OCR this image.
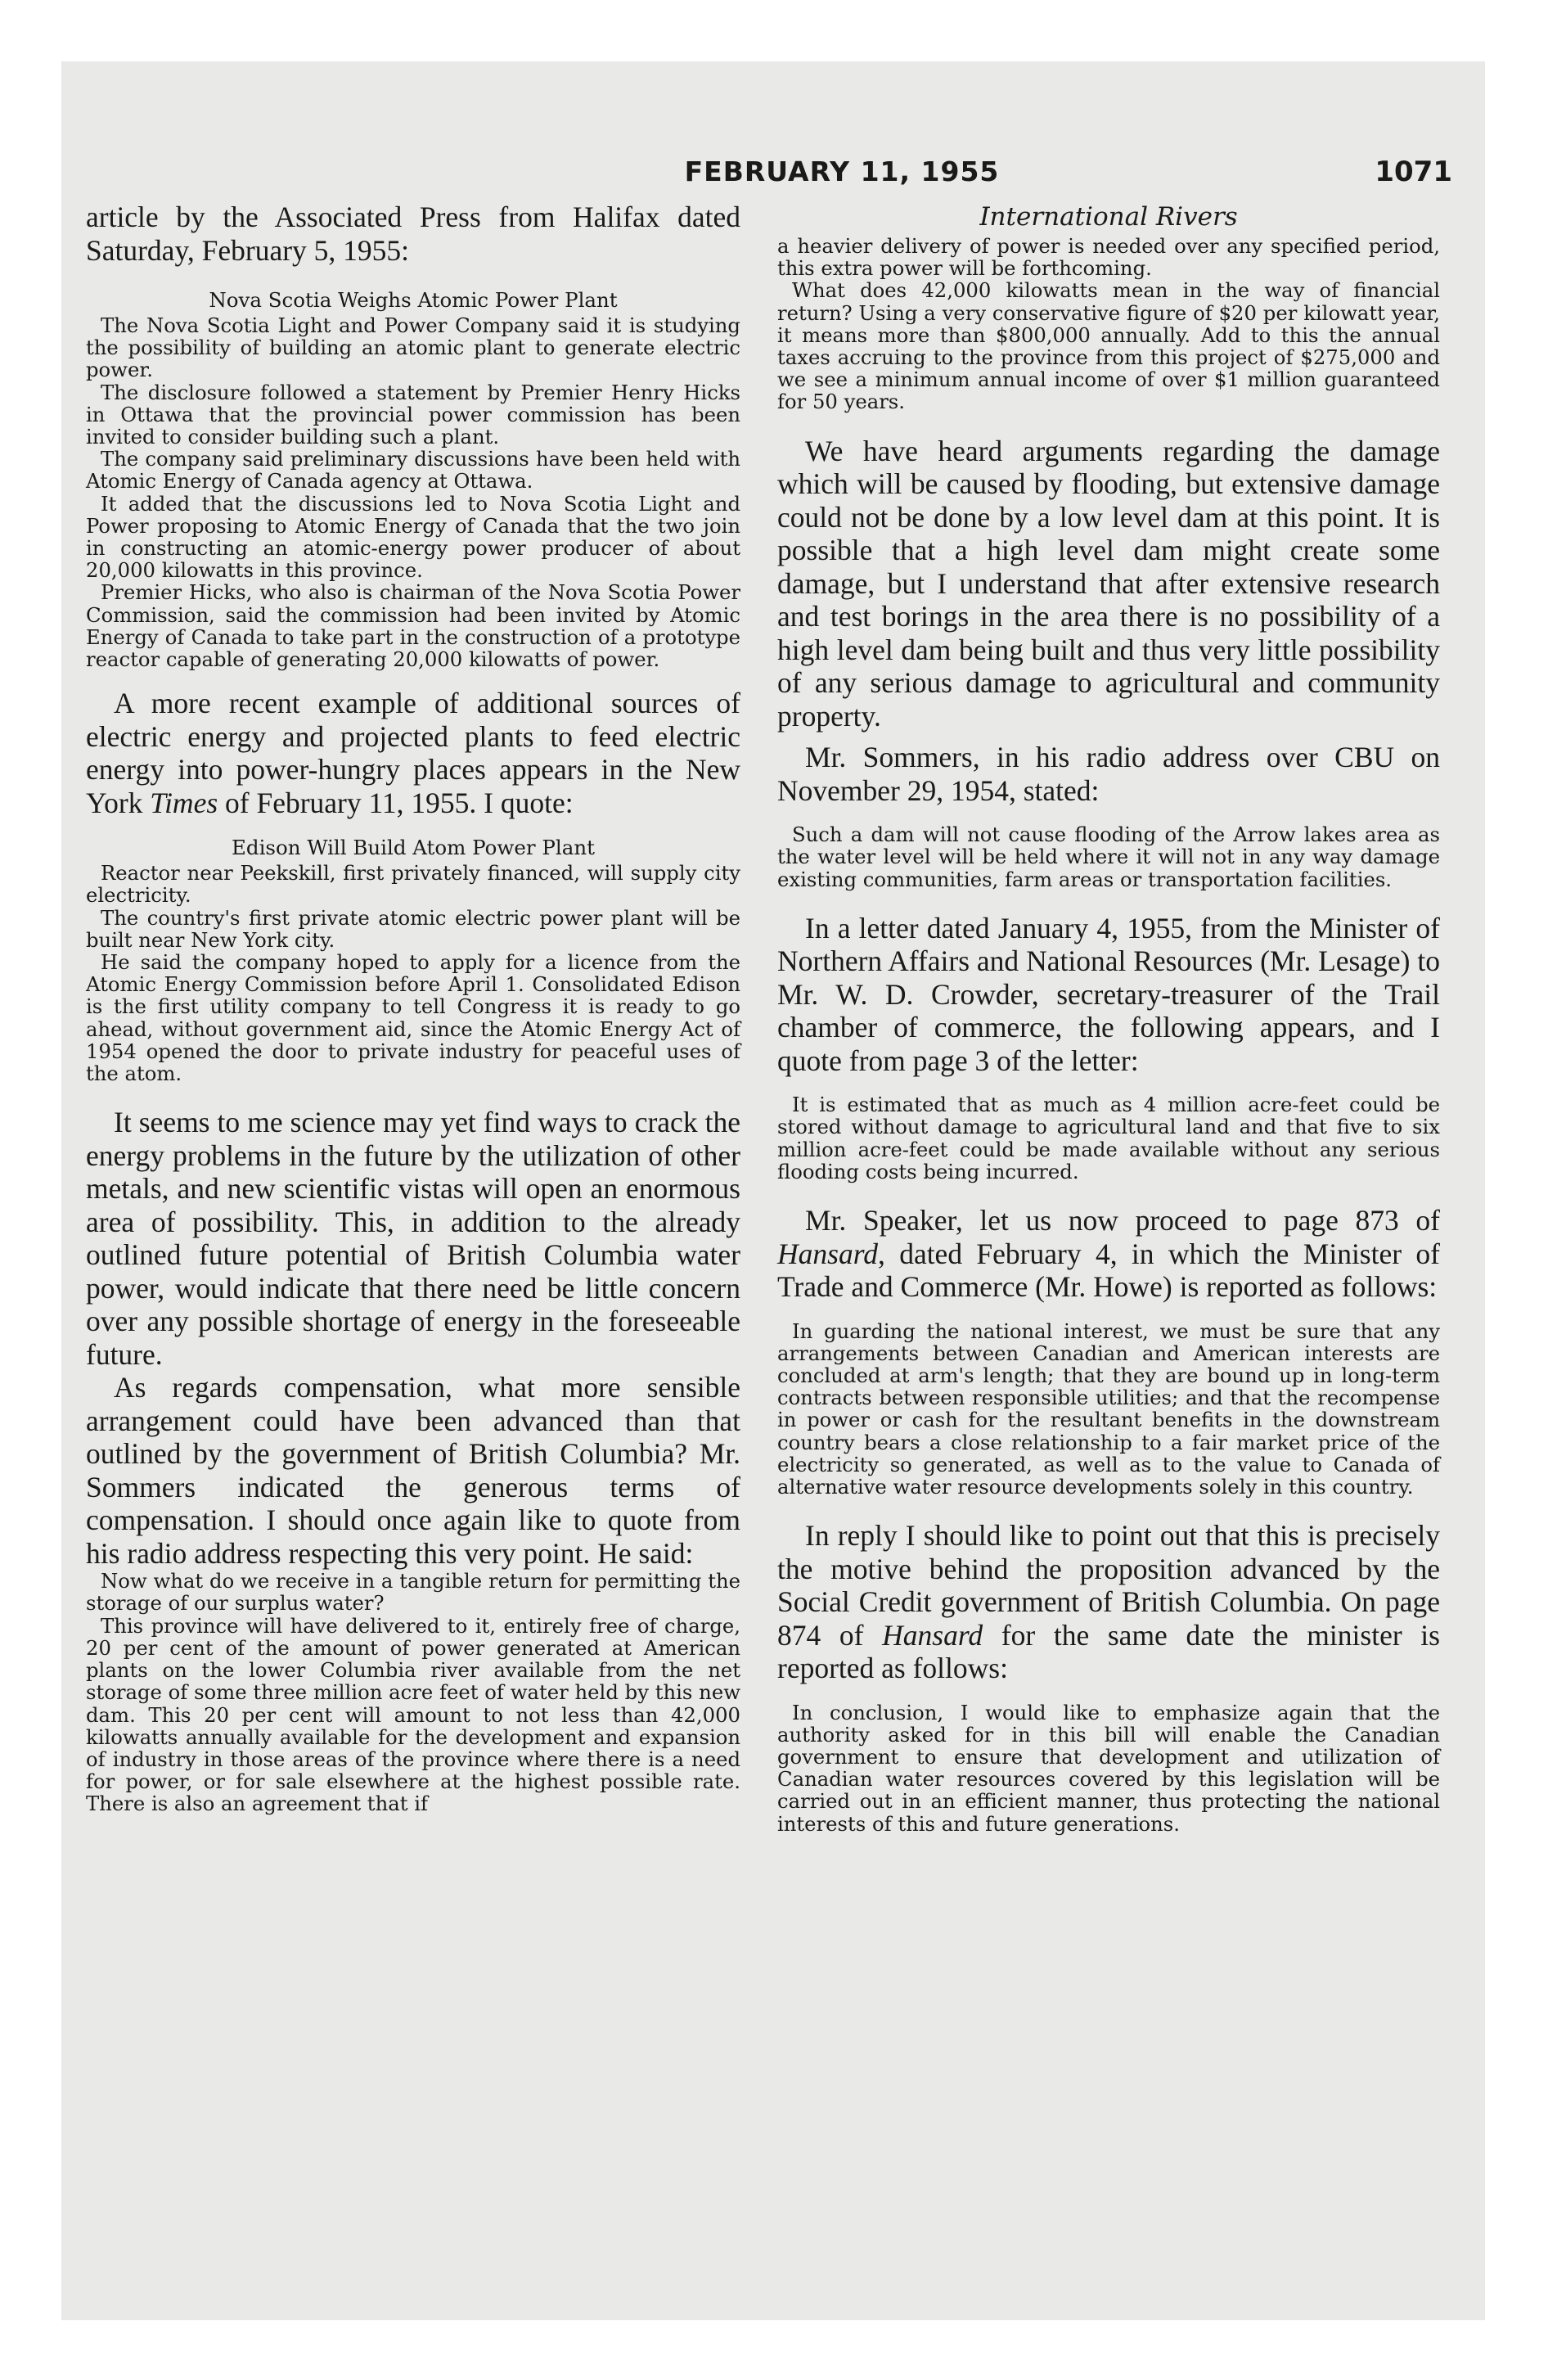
FEBRUARY 11, 1955	1071

article by the Associated Press from Halifax dated Saturday, February 5, 1955:

Nova Scotia Weighs Atomic Power Plant

The Nova Scotia Light and Power Company said it is studying the possibility of building an atomic plant to generate electric power.

The disclosure followed a statement by Premier Henry Hicks in Ottawa that the provincial power commission has been invited to consider building such a plant.

The company said preliminary discussions have been held with Atomic Energy of Canada agency at Ottawa.

It added that the discussions led to Nova Scotia Light and Power proposing to Atomic Energy of Canada that the two join in constructing an atomic-energy power producer of about 20,000 kilowatts in this province.

Premier Hicks, who also is chairman of the Nova Scotia Power Commission, said the commission had been invited by Atomic Energy of Canada to take part in the construction of a prototype reactor capable of generating 20,000 kilowatts of power.

A more recent example of additional sources of electric energy and projected plants to feed electric energy into power-hungry places appears in the New York Times of February 11, 1955. I quote:

Edison Will Build Atom Power Plant

Reactor near Peekskill, first privately financed, will supply city electricity.

The country's first private atomic electric power plant will be built near New York city.

He said the company hoped to apply for a licence from the Atomic Energy Commission before April 1. Consolidated Edison is the first utility company to tell Congress it is ready to go ahead, without government aid, since the Atomic Energy Act of 1954 opened the door to private industry for peaceful uses of the atom.

It seems to me science may yet find ways to crack the energy problems in the future by the utilization of other metals, and new scientific vistas will open an enormous area of possibility. This, in addition to the already outlined future potential of British Columbia water power, would indicate that there need be little concern over any possible shortage of energy in the foreseeable future.

As regards compensation, what more sensible arrangement could have been advanced than that outlined by the government of British Columbia? Mr. Sommers indicated the generous terms of compensation. I should once again like to quote from his radio address respecting this very point. He said:

Now what do we receive in a tangible return for permitting the storage of our surplus water?

This province will have delivered to it, entirely free of charge, 20 per cent of the amount of power generated at American plants on the lower Columbia river available from the net storage of some three million acre feet of water held by this new dam. This 20 per cent will amount to not less than 42,000 kilowatts annually available for the development and expansion of industry in those areas of the province where there is a need for power, or for sale elsewhere at the highest possible rate. There is also an agreement that if

International Rivers

a heavier delivery of power is needed over any specified period, this extra power will be forthcoming.

What does 42,000 kilowatts mean in the way of financial return? Using a very conservative figure of $20 per kilowatt year, it means more than $800,000 annually. Add to this the annual taxes accruing to the province from this project of $275,000 and we see a minimum annual income of over $1 million guaranteed for 50 years.

We have heard arguments regarding the damage which will be caused by flooding, but extensive damage could not be done by a low level dam at this point. It is possible that a high level dam might create some damage, but I understand that after extensive research and test borings in the area there is no possibility of a high level dam being built and thus very little possibility of any serious damage to agricultural and community property.

Mr. Sommers, in his radio address over CBU on November 29, 1954, stated:

Such a dam will not cause flooding of the Arrow lakes area as the water level will be held where it will not in any way damage existing communities, farm areas or transportation facilities.

In a letter dated January 4, 1955, from the Minister of Northern Affairs and National Resources (Mr. Lesage) to Mr. W. D. Crowder, secretary-treasurer of the Trail chamber of commerce, the following appears, and I quote from page 3 of the letter:

It is estimated that as much as 4 million acre-feet could be stored without damage to agricultural land and that five to six million acre-feet could be made available without any serious flooding costs being incurred.

Mr. Speaker, let us now proceed to page 873 of Hansard, dated February 4, in which the Minister of Trade and Commerce (Mr. Howe) is reported as follows:

In guarding the national interest, we must be sure that any arrangements between Canadian and American interests are concluded at arm's length; that they are bound up in long-term contracts between responsible utilities; and that the recompense in power or cash for the resultant benefits in the downstream country bears a close relationship to a fair market price of the electricity so generated, as well as to the value to Canada of alternative water resource developments solely in this country.

In reply I should like to point out that this is precisely the motive behind the proposition advanced by the Social Credit government of British Columbia. On page 874 of Hansard for the same date the minister is reported as follows:

In conclusion, I would like to emphasize again that the authority asked for in this bill will enable the Canadian government to ensure that development and utilization of Canadian water resources covered by this legislation will be carried out in an efficient manner, thus protecting the national interests of this and future generations.
